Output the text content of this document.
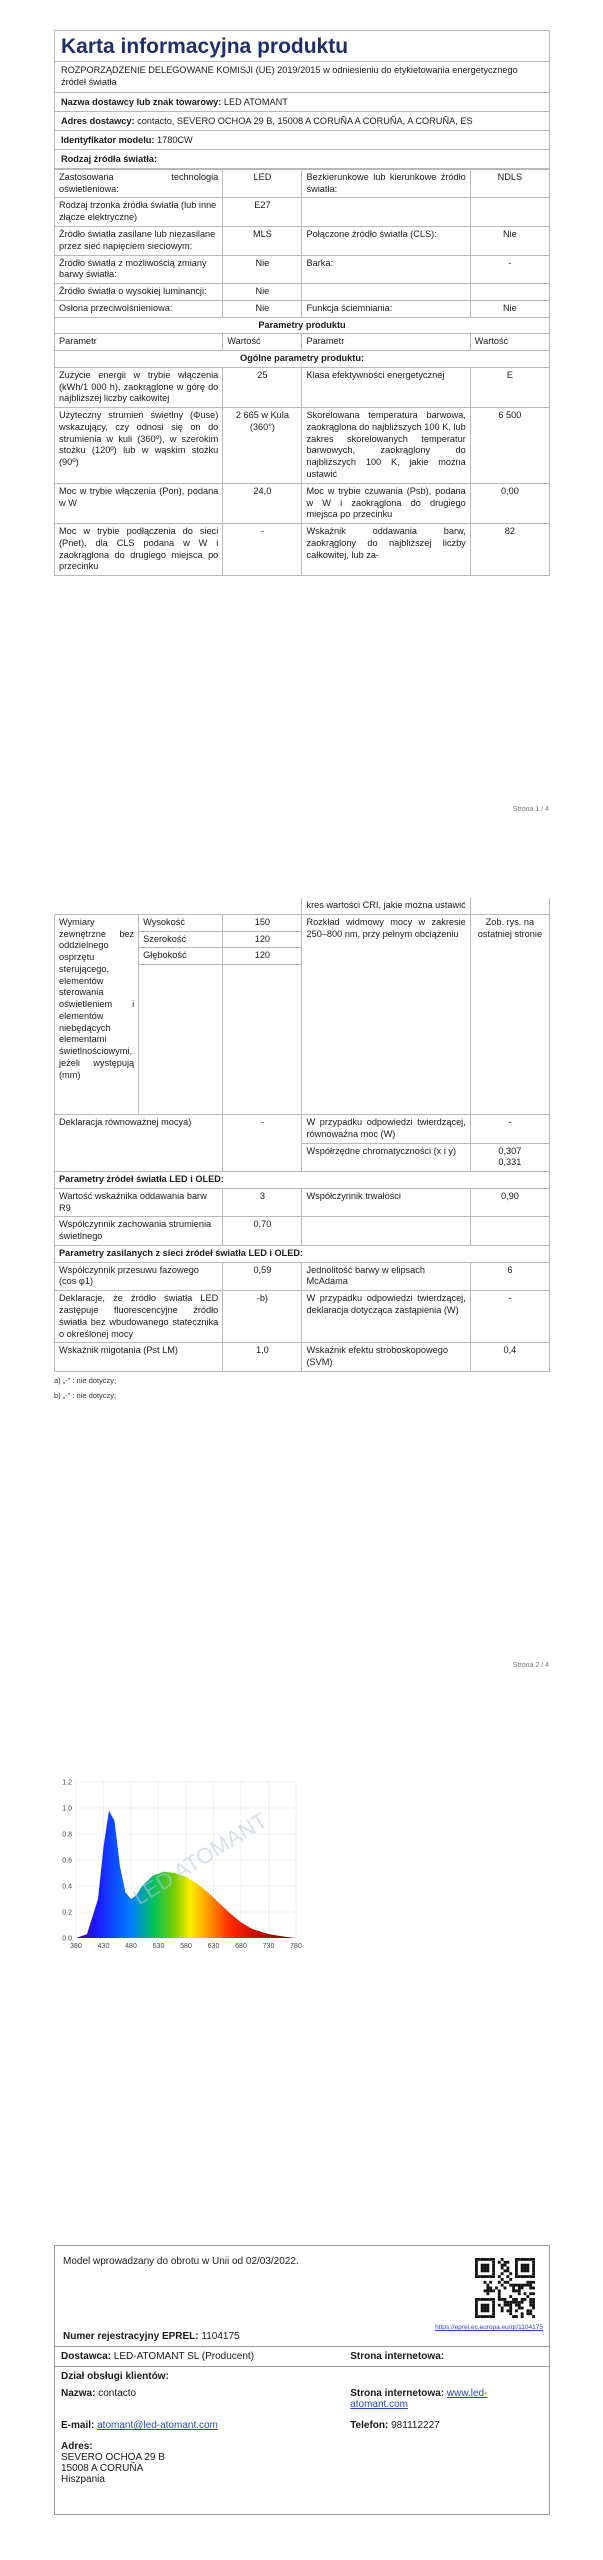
Karta informacyjna produktu
ROZPORZĄDZENIE DELEGOWANE KOMISJI (UE) 2019/2015 w odniesieniu do etykietowania energetycznego źródeł światła
Nazwa dostawcy lub znak towarowy: LED ATOMANT
Adres dostawcy: contacto, SEVERO OCHOA 29 B, 15008 A CORUÑA A CORUÑA, A CORUÑA, ES
Identyfikator modelu: 1780CW
Rodzaj źródła światła:
Zastosowana technologia oświetleniowa:	LED	Bezkierunkowe lub kierunkowe źródło światła:	NDLS
Rodzaj trzonka źródła światła (lub inne złącze elektryczne)	E27		
Źródło światła zasilane lub niezasilane przez sieć napięciem sieciowym:	MLS	Połączone źródło światła (CLS):	Nie
Źródło światła z możliwością zmiany barwy światła:	Nie	Barka:	-
Źródło światła o wysokiej luminancji:	Nie		
Osłona przeciwolśnieniowa:	Nie	Funkcja ściemniania:	Nie
Parametry produktu			
Parametr	Wartość	Parametr	Wartość
Ogólne parametry produktu:			
Zużycie energii w trybie włączenia (kWh/1 000 h), zaokrąglone w górę do najbliższej liczby całkowitej	25	Klasa efektywności energetycznej	E
Użyteczny strumień świetlny (Φuse) wskazujący, czy odnosi się on do strumienia w kuli (360º), w szerokim stożku (120º) lub w wąskim stożku (90º)	2 665 w Kula (360°)	Skorelowana temperatura barwowa, zaokrąglona do najbliższych 100 K, lub zakres skorelowanych temperatur barwowych, zaokrąglony do najbliższych 100 K, jakie można ustawić	6 500
Moc w trybie włączenia (Pon), podana w W	24,0	Moc w trybie czuwania (Psb), podana w W i zaokrąglona do drugiego miejsca po przecinku	0,00
Moc w trybie podłączenia do sieci (Pnet), dla CLS podana w W i zaokrąglona do drugiego miejsca po przecinku	-	Wskaźnik oddawania barw, zaokrąglony do najbliższej liczby całkowitej, lub za-	82
Strona 1 / 4
			kres wartości CRI, jakie można ustawić	
Wymiary zewnętrzne bez oddzielnego osprzętu sterującego, elementów sterowania oświetleniem i elementów niebędących elementami świetlnościowymi, jeżeli występują (mm)	Wysokość	150	Rozkład widmowy mocy w zakresie 250–800 nm, przy pełnym obciążeniu	Zob. rys. na ostatniej stronie
	Szerokość	120		
	Głębokość	120		

Deklaracja równoważnej mocya)	-	W przypadku odpowiedzi twierdzącej, równoważna moc (W)	-
		Współrzędne chromatyczności (x i y)	0,307
0,331

Parametry źródeł światła LED i OLED:			
Wartość wskaźnika oddawania barw R9	3	Współczynnik trwałości	0,90
Współczynnik zachowania strumienia świetlnego	0,70		
Parametry zasilanych z sieci źródeł światła LED i OLED:			
Współczynnik przesuwu fazowego (cos φ1)	0,59	Jednolitość barwy w elipsach McAdama	6
Deklaracje, że źródło światła LED zastępuje fluorescencyjne źródło światła bez wbudowanego statecznika o określonej mocy	-b)	W przypadku odpowiedzi twierdzącej, deklaracja dotycząca zastąpienia (W)	-
Wskaźnik migotania (Pst LM)	1,0	Wskaźnik efektu stroboskopowego (SVM)	0,4
a) „-” : nie dotyczy;
b) „-” : nie dotyczy;
Strona 2 / 4
0.0
0.2
0.4
0.6
0.8
1.0
1.2
380 430 480 530 580 630 680 730 780
LED ATOMANT
Model wprowadzany do obrotu w Unii od 02/03/2022.
Numer rejestracyjny EPREL: 1104175
https://eprel.ec.europa.eu/qr/1104175
Dostawca: LED-ATOMANT SL (Producent)	Strona internetowa:
Dział obsługi klientów:
Nazwa: contacto	Strona internetowa: www.led-atomant.com
E-mail: atomant@led-atomant.com	Telefon: 981112227
Adres:
SEVERO OCHOA 29 B
15008 A CORUÑA
Hiszpania
